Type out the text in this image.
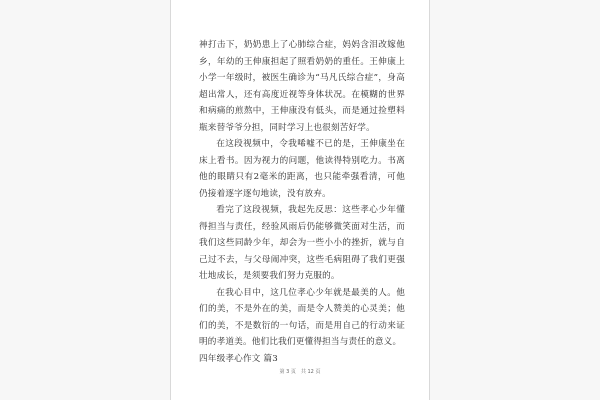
神打击下，奶奶患上了心肺综合症，妈妈含泪改嫁他乡，年幼的王伸康担起了照看奶奶的重任。王伸康上小学一年级时，被医生确诊为“马凡氏综合症”，身高超出常人，还有高度近视等身体状况。在模糊的世界和病痛的煎熬中，王伸康没有低头，而是通过捡塑料瓶来替爷爷分担，同时学习上也很刻苦好学。

在这段视频中，令我唏嘘不已的是，王伸康坐在床上看书。因为视力的问题，他读得特别吃力。书离他的眼睛只有2毫米的距离，也只能牵强看清，可他仍接着逐字逐句地读，没有放弃。

看完了这段视频，我起先反思：这些孝心少年懂得担当与责任，经验风雨后仍能够微笑面对生活，而我们这些同龄少年，却会为一些小小的挫折，就与自己过不去，与父母闹冲突，这些毛病阻碍了我们更强壮地成长，是须要我们努力克服的。

在我心目中，这几位孝心少年就是最美的人。他们的美，不是外在的美，而是令人赞美的心灵美；他们的美，不是数衍的一句话，而是用自己的行动来证明的孝道美。他们比我们更懂得担当与责任的意义。

四年级孝心作文 篇3

第 3 页　共 12 页
